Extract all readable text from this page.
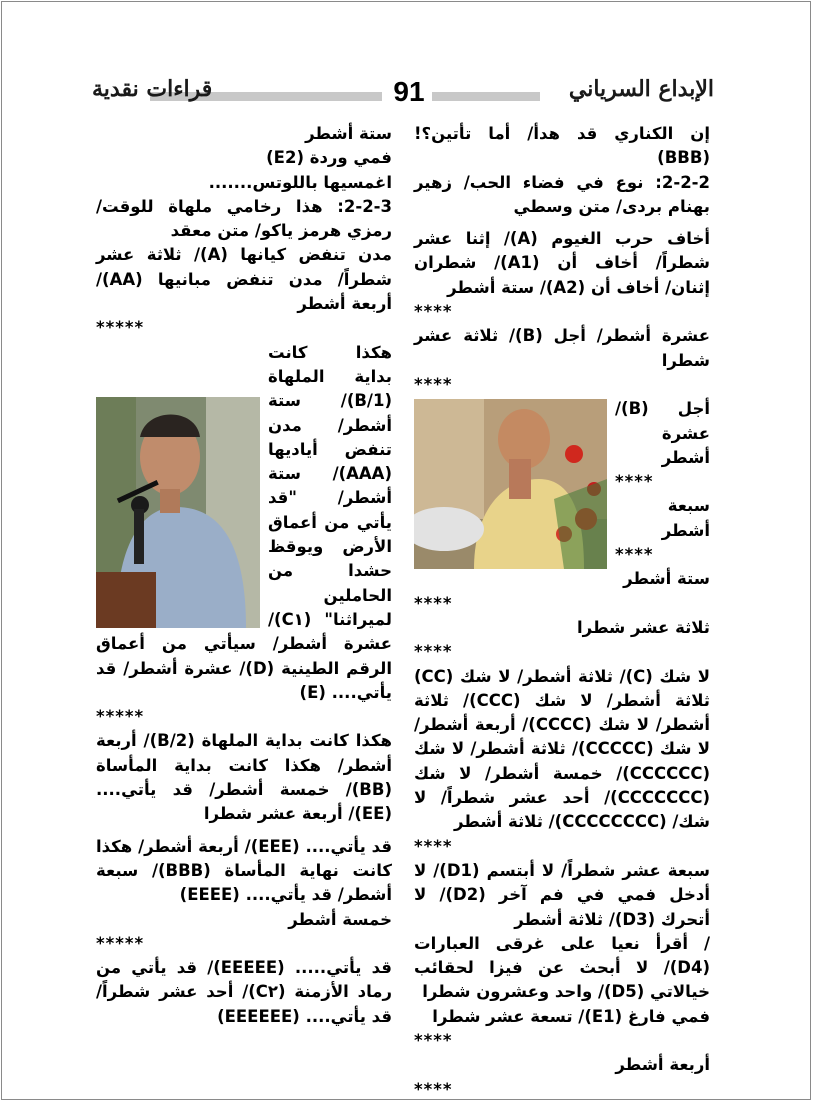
الإبداع السرياني
91
قراءات نقدية

إن الكناري قد هدأ/ أما تأتين؟! (BBB)

2-2-2: نوع في فضاء الحب/ زهير بهنام بردى/ متن وسطي

أخاف حرب الغيوم (A)/ إثنا عشر شطراً/ أخاف أن (A1)/ شطران إثنان/ أخاف أن (A2)/ ستة أشطر

****

عشرة أشطر/ أجل (B)/ ثلاثة عشر شطرا

****

أجل (B)/عشرة أشطر

****

سبعة أشطر

****

ستة أشطر

****

ثلاثة عشر شطرا

****

لا شك (C)/ ثلاثة أشطر/ لا شك (CC) ثلاثة أشطر/ لا شك (CCC)/ ثلاثة أشطر/ لا شك (CCCC)/ أربعة أشطر/ لا شك (CCCCC)/ ثلاثة أشطر/ لا شك (CCCCCC)/ خمسة أشطر/ لا شك (CCCCCCC)/ أحد عشر شطراً/ لا شك/ (CCCCCCCC)/ ثلاثة أشطر

****

سبعة عشر شطراً/ لا أبتسم (D1)/ لا أدخل فمي في فم آخر (D2)/ لا أتحرك (D3)/ ثلاثة أشطر

/ أقرأ نعيا على غرقى العبارات (D4)/ لا أبحث عن فيزا لحقائب خيالاتي (D5)/ واحد وعشرون شطرا

فمي فارغ (E1)/ تسعة عشر شطرا

****

أربعة أشطر

****

ستة أشطر

فمي وردة (E2)

اغمسيها باللوتس.......

2-2-3: هذا رخامي ملهاة للوقت/ رمزي هرمز ياكو/ متن معقد

مدن تنفض كيانها (A)/ ثلاثة عشر شطراً/ مدن تنفض مبانيها (AA)/ أربعة أشطر

*****

هكذا كانت بداية الملهاة (B/1)/ ستة أشطر/ مدن تنفض أياديها (AAA)/ ستة أشطر/ "قد يأتي من أعماق الأرض ويوقظ حشدا من الحاملين لميراثنا" (C١)/ عشرة أشطر/ سيأتي من أعماق الرقم الطينية (D)/ عشرة أشطر/ قد يأتي.... (E)

*****

هكذا كانت بداية الملهاة (B/2)/ أربعة أشطر/ هكذا كانت بداية المأساة (BB)/ خمسة أشطر/ قد يأتي.... (EE)/ أربعة عشر شطرا

قد يأتي.... (EEE)/ أربعة أشطر/ هكذا كانت نهاية المأساة (BBB)/ سبعة أشطر/ قد يأتي.... (EEEE)

خمسة أشطر

*****

قد يأتي..... (EEEEE)/ قد يأتي من رماد الأزمنة (C٢)/ أحد عشر شطراً/ قد يأتي.... (EEEEEE)
